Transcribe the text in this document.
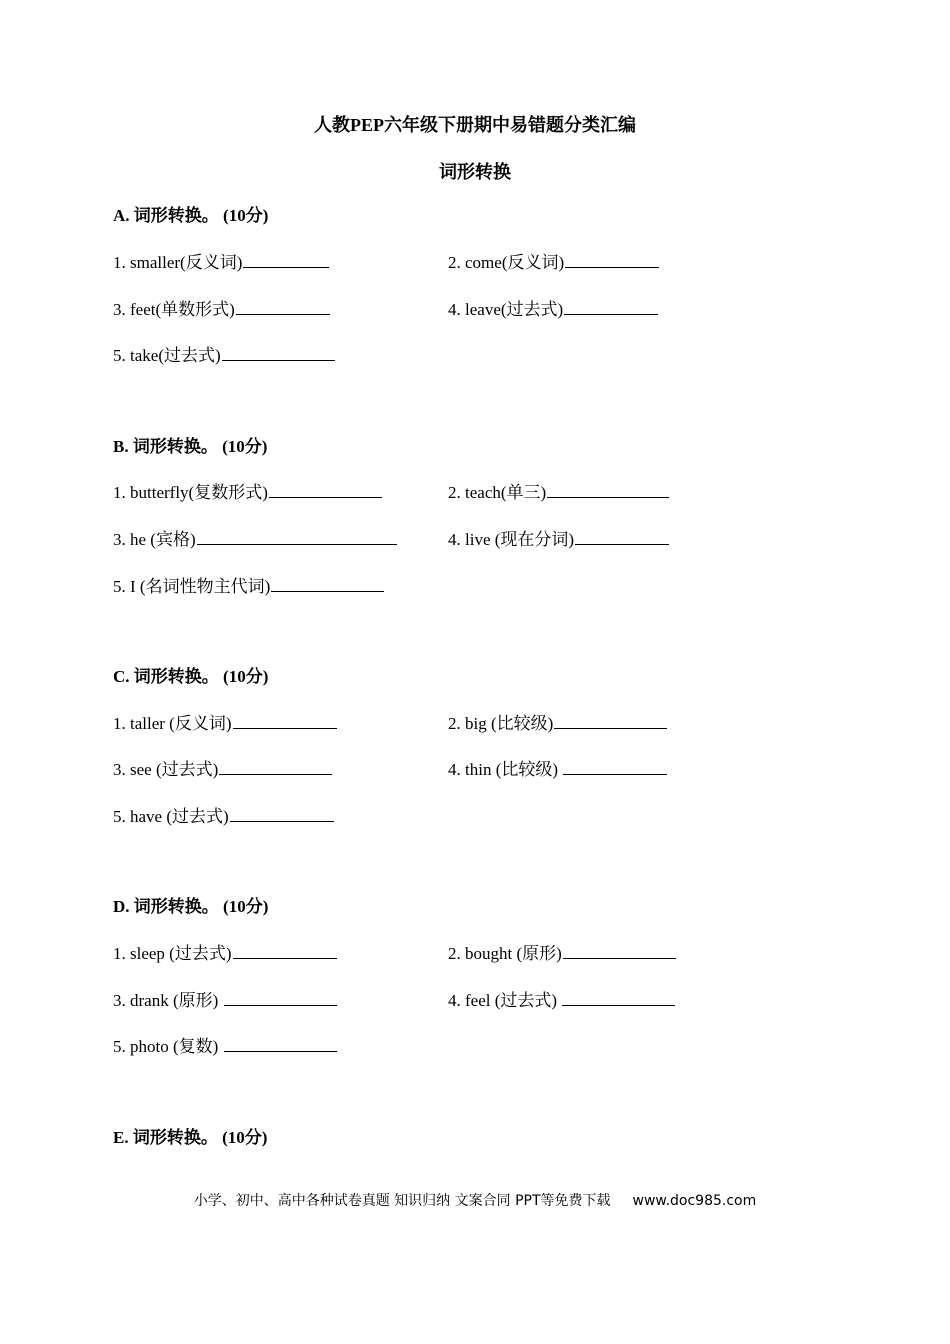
人教PEP六年级下册期中易错题分类汇编
词形转换
A. 词形转换。 (10分)
1. smaller(反义词)	2. come(反义词)
3. feet(单数形式)	4. leave(过去式)
5. take(过去式)
B. 词形转换。 (10分)
1. butterfly(复数形式)	2. teach(单三)
3. he (宾格)	4. live (现在分词)
5. I (名词性物主代词)
C. 词形转换。 (10分)
1. taller (反义词)	2. big (比较级)
3. see (过去式)	4. thin (比较级)
5. have (过去式)
D. 词形转换。 (10分)
1. sleep (过去式)	2. bought (原形)
3. drank (原形)	4. feel (过去式)
5. photo (复数)
E. 词形转换。 (10分)
小学、初中、高中各种试卷真题 知识归纳 文案合同 PPT等免费下载 www.doc985.com
